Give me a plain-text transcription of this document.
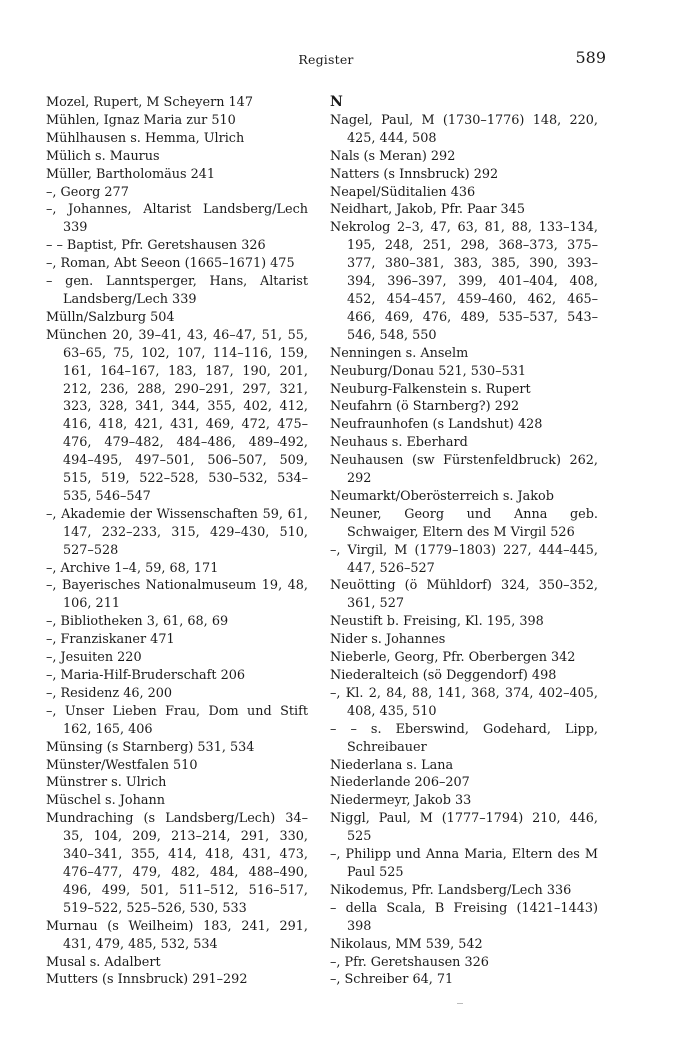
Register	589

Mozel, Rupert, M Scheyern 147

Mühlen, Ignaz Maria zur 510

Mühlhausen s. Hemma, Ulrich

Mülich s. Maurus

Müller, Bartholomäus 241

–, Georg 277

–, Johannes, Altarist Landsberg/Lech 339

– – Baptist, Pfr. Geretshausen 326

–, Roman, Abt Seeon (1665–1671) 475

– gen. Lanntsperger, Hans, Altarist Landsberg/Lech 339

Mülln/Salzburg 504

München 20, 39–41, 43, 46–47, 51, 55, 63–65, 75, 102, 107, 114–116, 159, 161, 164–167, 183, 187, 190, 201, 212, 236, 288, 290–291, 297, 321, 323, 328, 341, 344, 355, 402, 412, 416, 418, 421, 431, 469, 472, 475–476, 479–482, 484–486, 489–492, 494–495, 497–501, 506–507, 509, 515, 519, 522–528, 530–532, 534–535, 546–547

–, Akademie der Wissenschaften 59, 61, 147, 232–233, 315, 429–430, 510, 527–528

–, Archive 1–4, 59, 68, 171

–, Bayerisches Nationalmuseum 19, 48, 106, 211

–, Bibliotheken 3, 61, 68, 69

–, Franziskaner 471

–, Jesuiten 220

–, Maria-Hilf-Bruderschaft 206

–, Residenz 46, 200

–, Unser Lieben Frau, Dom und Stift 162, 165, 406

Münsing (s Starnberg) 531, 534

Münster/Westfalen 510

Münstrer s. Ulrich

Müschel s. Johann

Mundraching (s Landsberg/Lech) 34–35, 104, 209, 213–214, 291, 330, 340–341, 355, 414, 418, 431, 473, 476–477, 479, 482, 484, 488–490, 496, 499, 501, 511–512, 516–517, 519–522, 525–526, 530, 533

Murnau (s Weilheim) 183, 241, 291, 431, 479, 485, 532, 534

Musal s. Adalbert

Mutters (s Innsbruck) 291–292

N

Nagel, Paul, M (1730–1776) 148, 220, 425, 444, 508

Nals (s Meran) 292

Natters (s Innsbruck) 292

Neapel/Süditalien 436

Neidhart, Jakob, Pfr. Paar 345

Nekrolog 2–3, 47, 63, 81, 88, 133–134, 195, 248, 251, 298, 368–373, 375–377, 380–381, 383, 385, 390, 393–394, 396–397, 399, 401–404, 408, 452, 454–457, 459–460, 462, 465–466, 469, 476, 489, 535–537, 543–546, 548, 550

Nenningen s. Anselm

Neuburg/Donau 521, 530–531

Neuburg-Falkenstein s. Rupert

Neufahrn (ö Starnberg?) 292

Neufraunhofen (s Landshut) 428

Neuhaus s. Eberhard

Neuhausen (sw Fürstenfeldbruck) 262, 292

Neumarkt/Oberösterreich s. Jakob

Neuner, Georg und Anna geb. Schwaiger, Eltern des M Virgil 526

–, Virgil, M (1779–1803) 227, 444–445, 447, 526–527

Neuötting (ö Mühldorf) 324, 350–352, 361, 527

Neustift b. Freising, Kl. 195, 398

Nider s. Johannes

Nieberle, Georg, Pfr. Oberbergen 342

Niederalteich (sö Deggendorf) 498

–, Kl. 2, 84, 88, 141, 368, 374, 402–405, 408, 435, 510

– – s. Eberswind, Godehard, Lipp, Schreibauer

Niederlana s. Lana

Niederlande 206–207

Niedermeyr, Jakob 33

Niggl, Paul, M (1777–1794) 210, 446, 525

–, Philipp und Anna Maria, Eltern des M Paul 525

Nikodemus, Pfr. Landsberg/Lech 336

– della Scala, B Freising (1421–1443) 398

Nikolaus, MM 539, 542

–, Pfr. Geretshausen 326

–, Schreiber 64, 71
